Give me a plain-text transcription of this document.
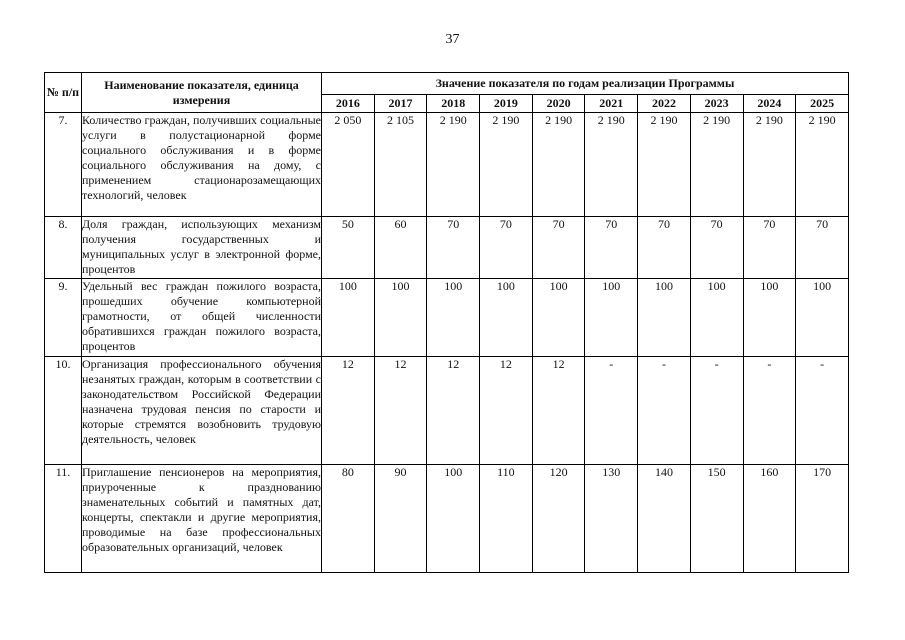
37
№ п/п	Наименование показателя, единица измерения	Значение показателя по годам реализации Программы									
		2016	2017	2018	2019	2020	2021	2022	2023	2024	2025
7.	Количество граждан, получивших социальные услуги в полустационарной форме социального обслуживания и в форме социального обслуживания на дому, с применением стационарозамещающих технологий, человек	2 050	2 105	2 190	2 190	2 190	2 190	2 190	2 190	2 190	2 190
8.	Доля граждан, использующих механизм получения государственных и муниципальных услуг в электронной форме, процентов	50	60	70	70	70	70	70	70	70	70
9.	Удельный вес граждан пожилого возраста, прошедших обучение компьютерной грамотности, от общей численности обратившихся граждан пожилого возраста, процентов	100	100	100	100	100	100	100	100	100	100
10.	Организация профессионального обучения незанятых граждан, которым в соответствии с законодательством Российской Федерации назначена трудовая пенсия по старости и которые стремятся возобновить трудовую деятельность, человек	12	12	12	12	12	-	-	-	-	-
11.	Приглашение пенсионеров на мероприятия, приуроченные к празднованию знаменательных событий и памятных дат, концерты, спектакли и другие мероприятия, проводимые на базе профессиональных образовательных организаций, человек	80	90	100	110	120	130	140	150	160	170
